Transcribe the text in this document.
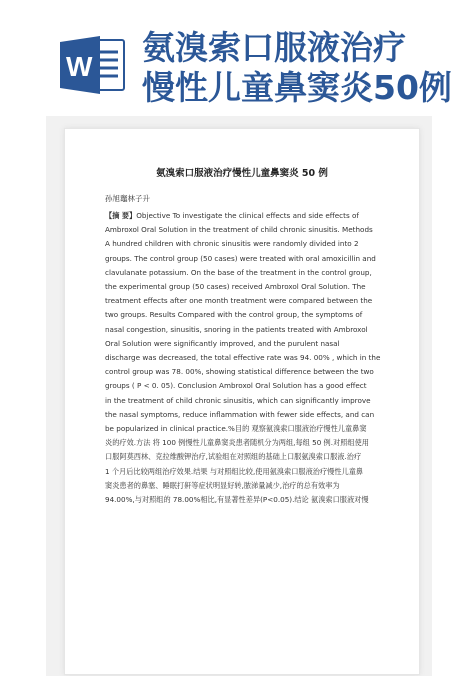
W 氨溴索口服液治疗
慢性儿童鼻窦炎50例
氨溴索口服液治疗慢性儿童鼻窦炎 50 例
孙旭竈林子升
【摘 要】Objective To investigate the clinical effects and side effects of
Ambroxol Oral Solution in the treatment of child chronic sinusitis. Methods
A hundred children with chronic sinusitis were randomly divided into 2
groups. The control group (50 cases) were treated with oral amoxicillin and
clavulanate potassium. On the base of the treatment in the control group,
the experimental group (50 cases) received Ambroxol Oral Solution. The
treatment effects after one month treatment were compared between the
two groups. Results Compared with the control group, the symptoms of
nasal congestion, sinusitis, snoring in the patients treated with Ambroxol
Oral Solution were significantly improved, and the purulent nasal
discharge was decreased, the total effective rate was 94. 00% , which in the
control group was 78. 00%, showing statistical difference between the two
groups ( P < 0. 05). Conclusion Ambroxol Oral Solution has a good effect
in the treatment of child chronic sinusitis, which can significantly improve
the nasal symptoms, reduce inflammation with fewer side effects, and can
be popularized in clinical practice.%目的 观察氨溴索口服液治疗慢性儿童鼻窦
炎的疗效.方法 将 100 例慢性儿童鼻窦炎患者随机分为两组,每组 50 例.对照组使用
口服阿莫西林、克拉维酸钾治疗,试验组在对照组的基础上口服氨溴索口服液.治疗
1 个月后比较两组治疗效果.结果 与对照组比较,使用氨溴索口服液治疗慢性儿童鼻
窦炎患者的鼻塞、睡眠打鼾等症状明显好转,脓涕量减少,治疗的总有效率为
94.00%,与对照组的 78.00%相比,有显著性差异(P<0.05).结论 氨溴索口服液对慢
